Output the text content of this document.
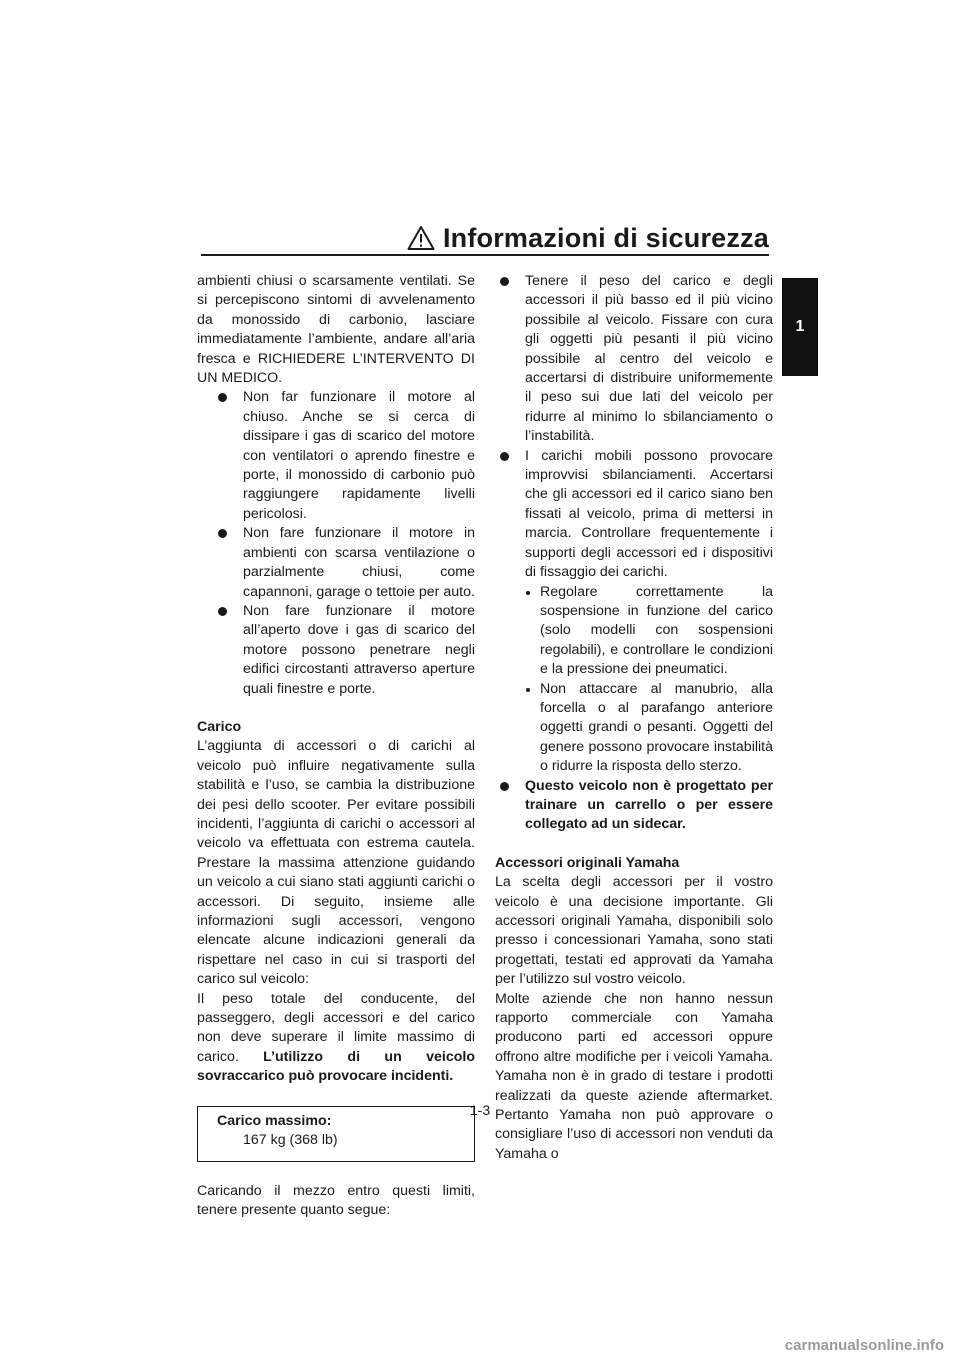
Informazioni di sicurezza
1

ambienti chiusi o scarsamente ventilati. Se si percepiscono sintomi di avvelenamento da monossido di carbonio, lasciare immediatamente l’ambiente, andare all’aria fresca e RICHIEDERE L’INTERVENTO DI UN MEDICO.

Non far funzionare il motore al chiuso. Anche se si cerca di dissipare i gas di scarico del motore con ventilatori o aprendo finestre e porte, il monossido di carbonio può raggiungere rapidamente livelli pericolosi.
Non fare funzionare il motore in ambienti con scarsa ventilazione o parzialmente chiusi, come capannoni, garage o tettoie per auto.
Non fare funzionare il motore all’aperto dove i gas di scarico del motore possono penetrare negli edifici circostanti attraverso aperture quali finestre e porte.

Carico

L’aggiunta di accessori o di carichi al veicolo può influire negativamente sulla stabilità e l’uso, se cambia la distribuzione dei pesi dello scooter. Per evitare possibili incidenti, l’aggiunta di carichi o accessori al veicolo va effettuata con estrema cautela. Prestare la massima attenzione guidando un veicolo a cui siano stati aggiunti carichi o accessori. Di seguito, insieme alle informazioni sugli accessori, vengono elencate alcune indicazioni generali da rispettare nel caso in cui si trasporti del carico sul veicolo:

Il peso totale del conducente, del passeggero, degli accessori e del carico non deve superare il limite massimo di carico. L’utilizzo di un veicolo sovraccarico può provocare incidenti.

Carico massimo:
167 kg (368 lb)

Caricando il mezzo entro questi limiti, tenere presente quanto segue:

Tenere il peso del carico e degli accessori il più basso ed il più vicino possibile al veicolo. Fissare con cura gli oggetti più pesanti il più vicino possibile al centro del veicolo e accertarsi di distribuire uniformemente il peso sui due lati del veicolo per ridurre al minimo lo sbilanciamento o l’instabilità.
I carichi mobili possono provocare improvvisi sbilanciamenti. Accertarsi che gli accessori ed il carico siano ben fissati al veicolo, prima di mettersi in marcia. Controllare frequentemente i supporti degli accessori ed i dispositivi di fissaggio dei carichi.
Regolare correttamente la sospensione in funzione del carico (solo modelli con sospensioni regolabili), e controllare le condizioni e la pressione dei pneumatici.
Non attaccare al manubrio, alla forcella o al parafango anteriore oggetti grandi o pesanti. Oggetti del genere possono provocare instabilità o ridurre la risposta dello sterzo.
Questo veicolo non è progettato per trainare un carrello o per essere collegato ad un sidecar.

Accessori originali Yamaha

La scelta degli accessori per il vostro veicolo è una decisione importante. Gli accessori originali Yamaha, disponibili solo presso i concessionari Yamaha, sono stati progettati, testati ed approvati da Yamaha per l’utilizzo sul vostro veicolo.

Molte aziende che non hanno nessun rapporto commerciale con Yamaha producono parti ed accessori oppure offrono altre modifiche per i veicoli Yamaha. Yamaha non è in grado di testare i prodotti realizzati da queste aziende aftermarket. Pertanto Yamaha non può approvare o consigliare l’uso di accessori non venduti da Yamaha o

1-3
carmanualsonline.info
